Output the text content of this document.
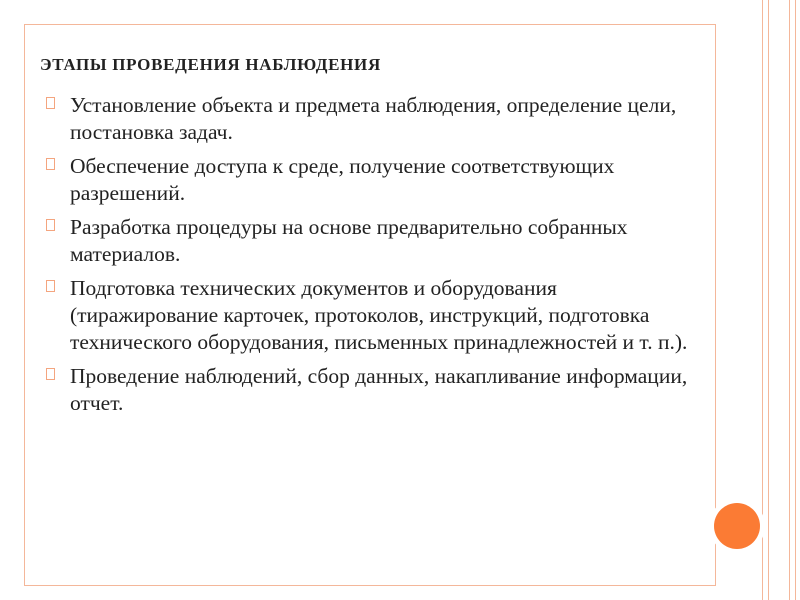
ЭТАПЫ ПРОВЕДЕНИЯ НАБЛЮДЕНИЯ
Установление объекта и предмета наблюдения, определение цели, постановка задач.
Обеспечение доступа к среде, получение соответствующих разрешений.
Разработка процедуры на основе предварительно собранных материалов.
Подготовка технических документов и оборудования (тиражирование карточек, протоколов, инструкций, подготовка технического оборудования, письменных принадлежностей и т. п.).
Проведение наблюдений, сбор данных, накапливание информации, отчет.
